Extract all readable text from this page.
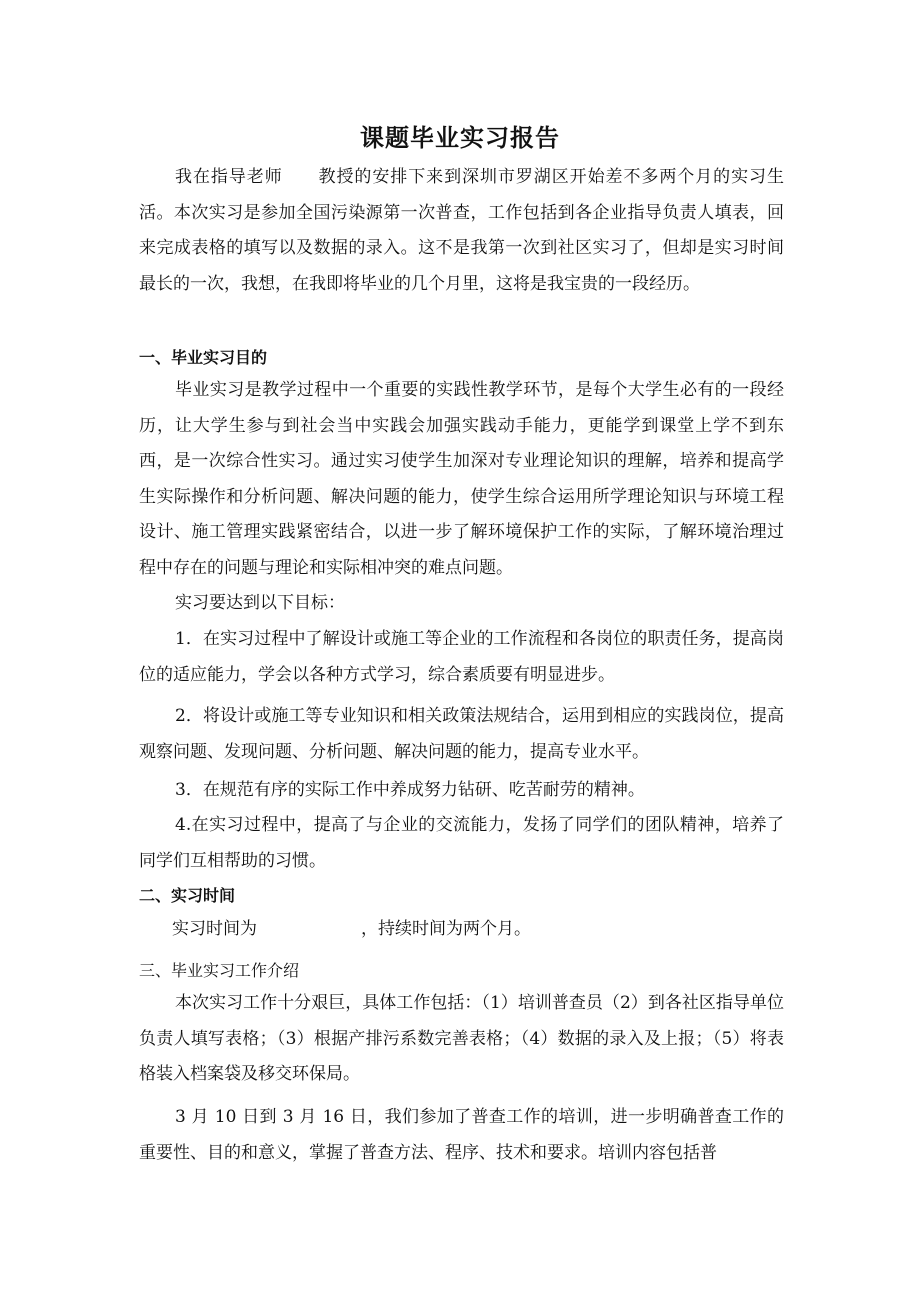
课题毕业实习报告

我在指导老师　　教授的安排下来到深圳市罗湖区开始差不多两个月的实习生活。本次实习是参加全国污染源第一次普查，工作包括到各企业指导负责人填表，回来完成表格的填写以及数据的录入。这不是我第一次到社区实习了，但却是实习时间最长的一次，我想，在我即将毕业的几个月里，这将是我宝贵的一段经历。

一、毕业实习目的

毕业实习是教学过程中一个重要的实践性教学环节，是每个大学生必有的一段经历，让大学生参与到社会当中实践会加强实践动手能力，更能学到课堂上学不到东西，是一次综合性实习。通过实习使学生加深对专业理论知识的理解，培养和提高学生实际操作和分析问题、解决问题的能力，使学生综合运用所学理论知识与环境工程设计、施工管理实践紧密结合，以进一步了解环境保护工作的实际，了解环境治理过程中存在的问题与理论和实际相冲突的难点问题。

实习要达到以下目标：

1．在实习过程中了解设计或施工等企业的工作流程和各岗位的职责任务，提高岗位的适应能力，学会以各种方式学习，综合素质要有明显进步。

2．将设计或施工等专业知识和相关政策法规结合，运用到相应的实践岗位，提高观察问题、发现问题、分析问题、解决问题的能力，提高专业水平。

3．在规范有序的实际工作中养成努力钻研、吃苦耐劳的精神。

4.在实习过程中，提高了与企业的交流能力，发扬了同学们的团队精神，培养了同学们互相帮助的习惯。

二、实习时间
实习时间为	，持续时间为两个月。
三、毕业实习工作介绍

本次实习工作十分艰巨，具体工作包括：（1）培训普查员（2）到各社区指导单位负责人填写表格；（3）根据产排污系数完善表格；（4）数据的录入及上报；（5）将表格装入档案袋及移交环保局。

3 月 10 日到 3 月 16 日，我们参加了普查工作的培训，进一步明确普查工作的重要性、目的和意义，掌握了普查方法、程序、技术和要求。培训内容包括普
